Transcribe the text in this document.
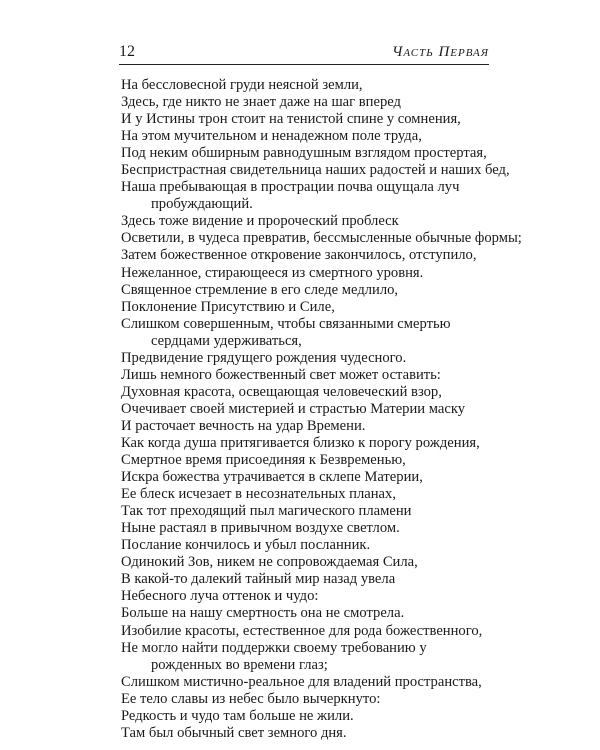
12	Часть Первая
На бессловесной груди неясной земли,
Здесь, где никто не знает даже на шаг вперед
И у Истины трон стоит на тенистой спине у сомнения,
На этом мучительном и ненадежном поле труда,
Под неким обширным равнодушным взглядом простертая,
Беспристрастная свидетельница наших радостей и наших бед,
Наша пребывающая в прострации почва ощущала луч
пробуждающий.
Здесь тоже видение и пророческий проблеск
Осветили, в чудеса превратив, бессмысленные обычные формы;
Затем божественное откровение закончилось, отступило,
Нежеланное, стирающееся из смертного уровня.
Священное стремление в его следе медлило,
Поклонение Присутствию и Силе,
Слишком совершенным, чтобы связанными смертью
сердцами удерживаться,
Предвидение грядущего рождения чудесного.
Лишь немного божественный свет может оставить:
Духовная красота, освещающая человеческий взор,
Очечивает своей мистерией и страстью Материи маску
И расточает вечность на удар Времени.
Как когда душа притягивается близко к порогу рождения,
Смертное время присоединяя к Безвременью,
Искра божества утрачивается в склепе Материи,
Ее блеск исчезает в несознательных планах,
Так тот преходящий пыл магического пламени
Ныне растаял в привычном воздухе светлом.
Послание кончилось и убыл посланник.
Одинокий Зов, никем не сопровождаемая Сила,
В какой-то далекий тайный мир назад увела
Небесного луча оттенок и чудо:
Больше на нашу смертность она не смотрела.
Изобилие красоты, естественное для рода божественного,
Не могло найти поддержки своему требованию у
рожденных во времени глаз;
Слишком мистично-реальное для владений пространства,
Ее тело славы из небес было вычеркнуто:
Редкость и чудо там больше не жили.
Там был обычный свет земного дня.
